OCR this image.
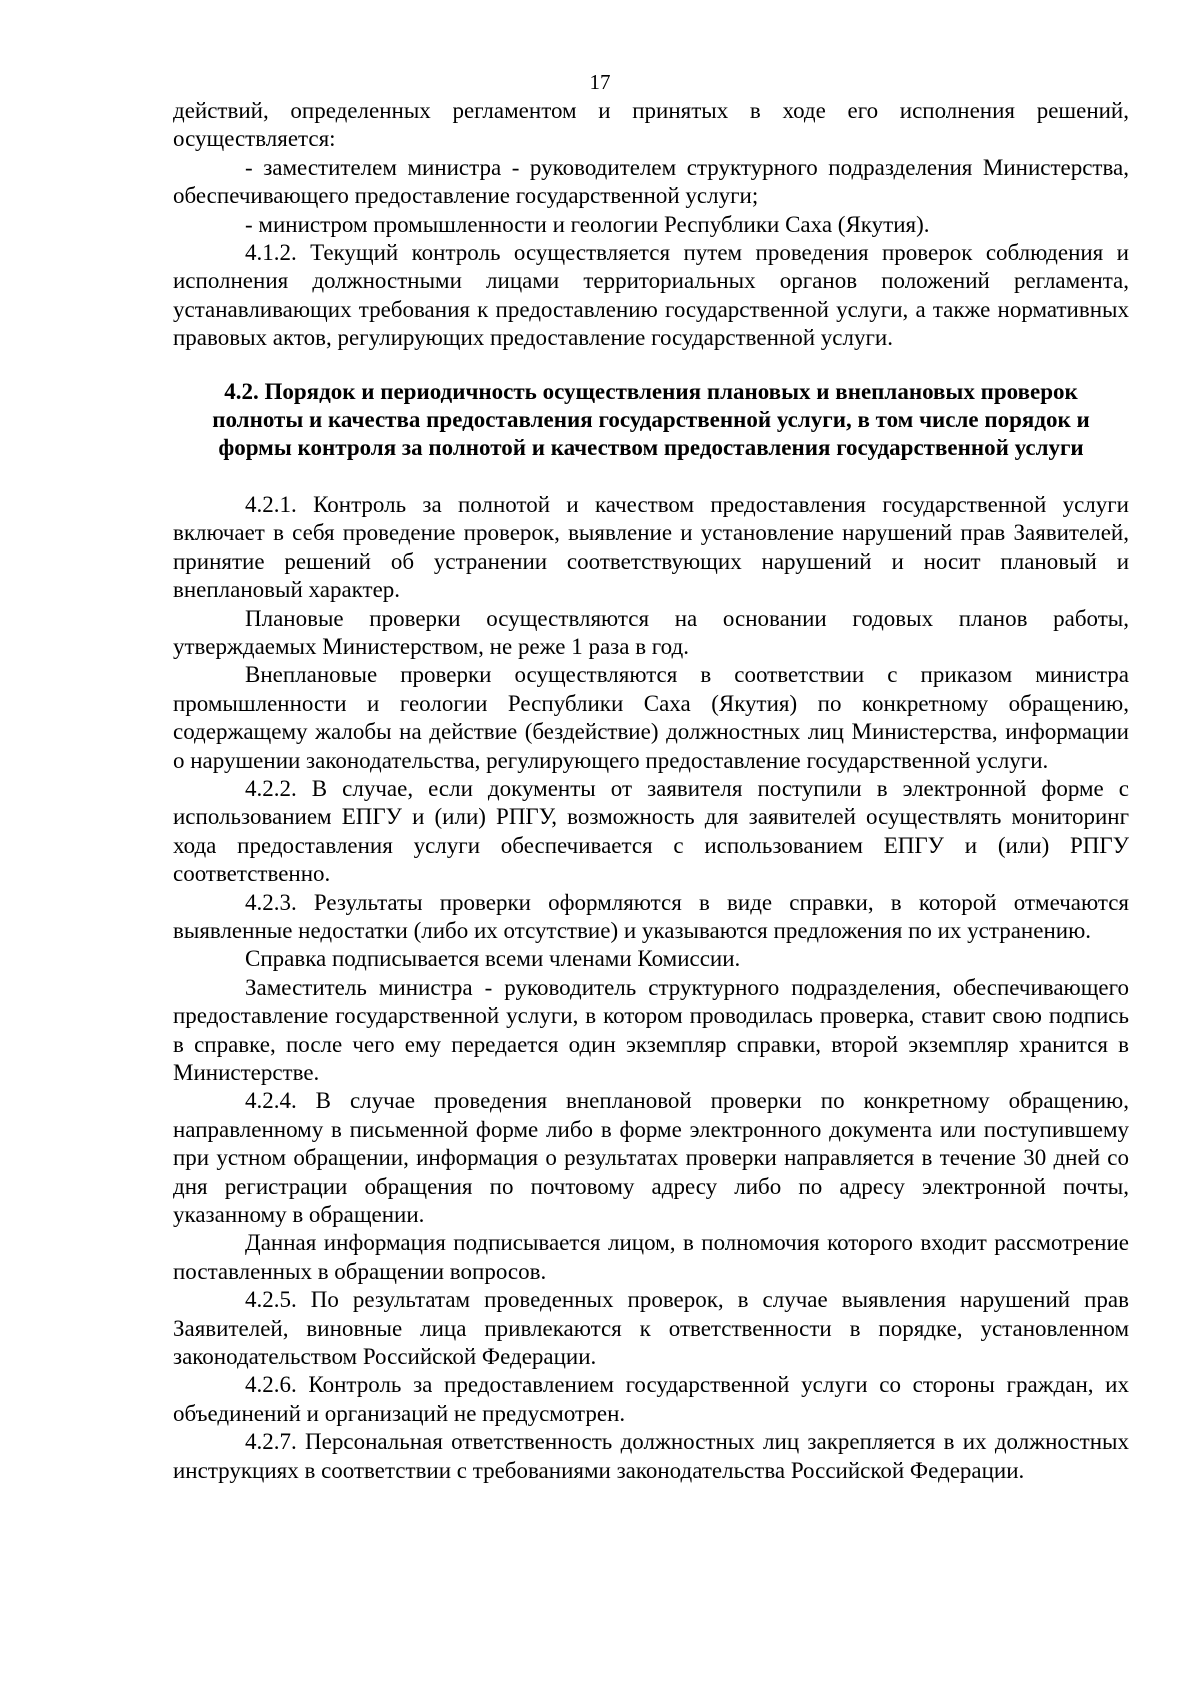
17

действий, определенных регламентом и принятых в ходе его исполнения решений, осуществляется:

- заместителем министра - руководителем структурного подразделения Министерства, обеспечивающего предоставление государственной услуги;

- министром промышленности и геологии Республики Саха (Якутия).

4.1.2. Текущий контроль осуществляется путем проведения проверок соблюдения и исполнения должностными лицами территориальных органов положений регламента, устанавливающих требования к предоставлению государственной услуги, а также нормативных правовых актов, регулирующих предоставление государственной услуги.

4.2. Порядок и периодичность осуществления плановых и внеплановых проверок

полноты и качества предоставления государственной услуги, в том числе порядок и

формы контроля за полнотой и качеством предоставления государственной услуги

4.2.1. Контроль за полнотой и качеством предоставления государственной услуги включает в себя проведение проверок, выявление и установление нарушений прав Заявителей, принятие решений об устранении соответствующих нарушений и носит плановый и внеплановый характер.

Плановые проверки осуществляются на основании годовых планов работы, утверждаемых Министерством, не реже 1 раза в год.

Внеплановые проверки осуществляются в соответствии с приказом министра промышленности и геологии Республики Саха (Якутия) по конкретному обращению, содержащему жалобы на действие (бездействие) должностных лиц Министерства, информации о нарушении законодательства, регулирующего предоставление государственной услуги.

4.2.2. В случае, если документы от заявителя поступили в электронной форме с использованием ЕПГУ и (или) РПГУ, возможность для заявителей осуществлять мониторинг хода предоставления услуги обеспечивается с использованием ЕПГУ и (или) РПГУ соответственно.

4.2.3. Результаты проверки оформляются в виде справки, в которой отмечаются выявленные недостатки (либо их отсутствие) и указываются предложения по их устранению.

Справка подписывается всеми членами Комиссии.

Заместитель министра - руководитель структурного подразделения, обеспечивающего предоставление государственной услуги, в котором проводилась проверка, ставит свою подпись в справке, после чего ему передается один экземпляр справки, второй экземпляр хранится в Министерстве.

4.2.4. В случае проведения внеплановой проверки по конкретному обращению, направленному в письменной форме либо в форме электронного документа или поступившему при устном обращении, информация о результатах проверки направляется в течение 30 дней со дня регистрации обращения по почтовому адресу либо по адресу электронной почты, указанному в обращении.

Данная информация подписывается лицом, в полномочия которого входит рассмотрение поставленных в обращении вопросов.

4.2.5. По результатам проведенных проверок, в случае выявления нарушений прав Заявителей, виновные лица привлекаются к ответственности в порядке, установленном законодательством Российской Федерации.

4.2.6. Контроль за предоставлением государственной услуги со стороны граждан, их объединений и организаций не предусмотрен.

4.2.7. Персональная ответственность должностных лиц закрепляется в их должностных инструкциях в соответствии с требованиями законодательства Российской Федерации.
